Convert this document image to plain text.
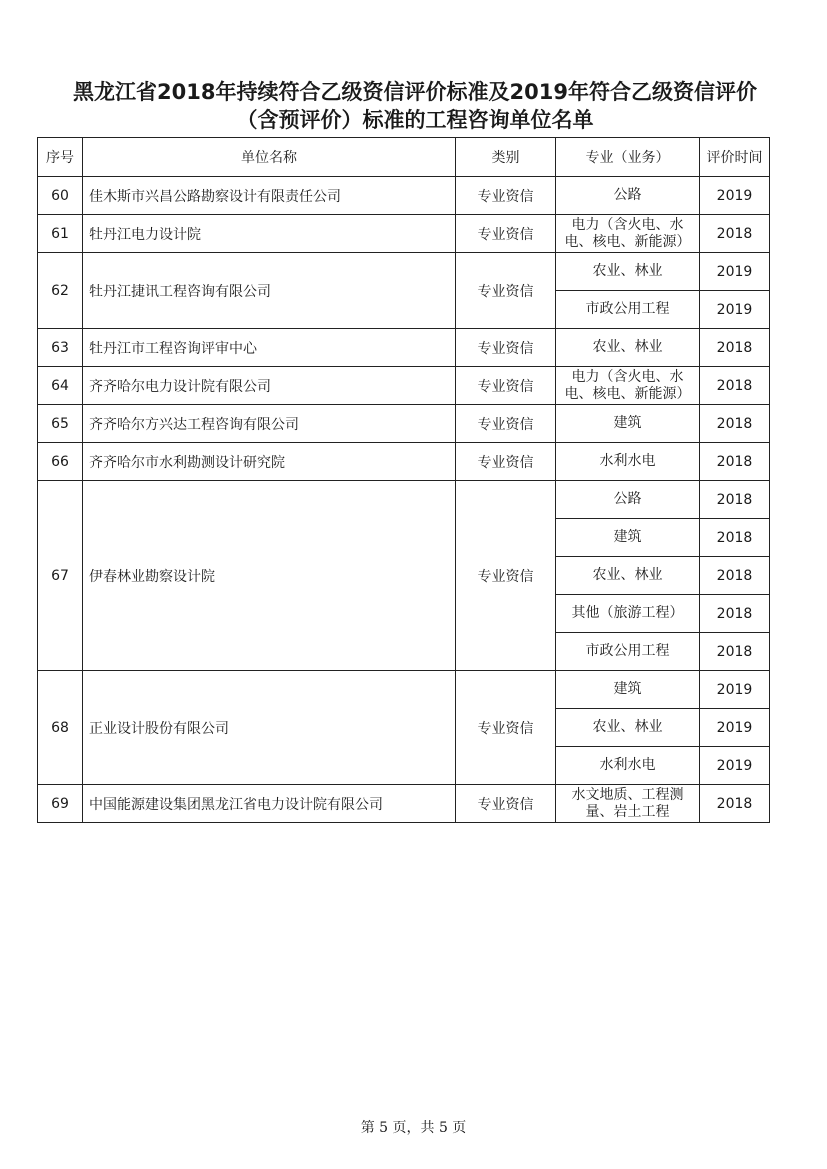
黑龙江省2018年持续符合乙级资信评价标准及2019年符合乙级资信评价
（含预评价）标准的工程咨询单位名单
序号	单位名称	类别	专业（业务）	评价时间
60	佳木斯市兴昌公路勘察设计有限责任公司	专业资信	公路	2019
61	牡丹江电力设计院	专业资信	电力（含火电、水电、核电、新能源）	2018
62	牡丹江捷讯工程咨询有限公司	专业资信	农业、林业	2019
			市政公用工程	2019
63	牡丹江市工程咨询评审中心	专业资信	农业、林业	2018
64	齐齐哈尔电力设计院有限公司	专业资信	电力（含火电、水电、核电、新能源）	2018
65	齐齐哈尔方兴达工程咨询有限公司	专业资信	建筑	2018
66	齐齐哈尔市水利勘测设计研究院	专业资信	水利水电	2018
67	伊春林业勘察设计院	专业资信	公路	2018
			建筑	2018
			农业、林业	2018
			其他（旅游工程）	2018
			市政公用工程	2018
68	正业设计股份有限公司	专业资信	建筑	2019
			农业、林业	2019
			水利水电	2019
69	中国能源建设集团黑龙江省电力设计院有限公司	专业资信	水文地质、工程测量、岩土工程	2018
第 5 页，共 5 页
